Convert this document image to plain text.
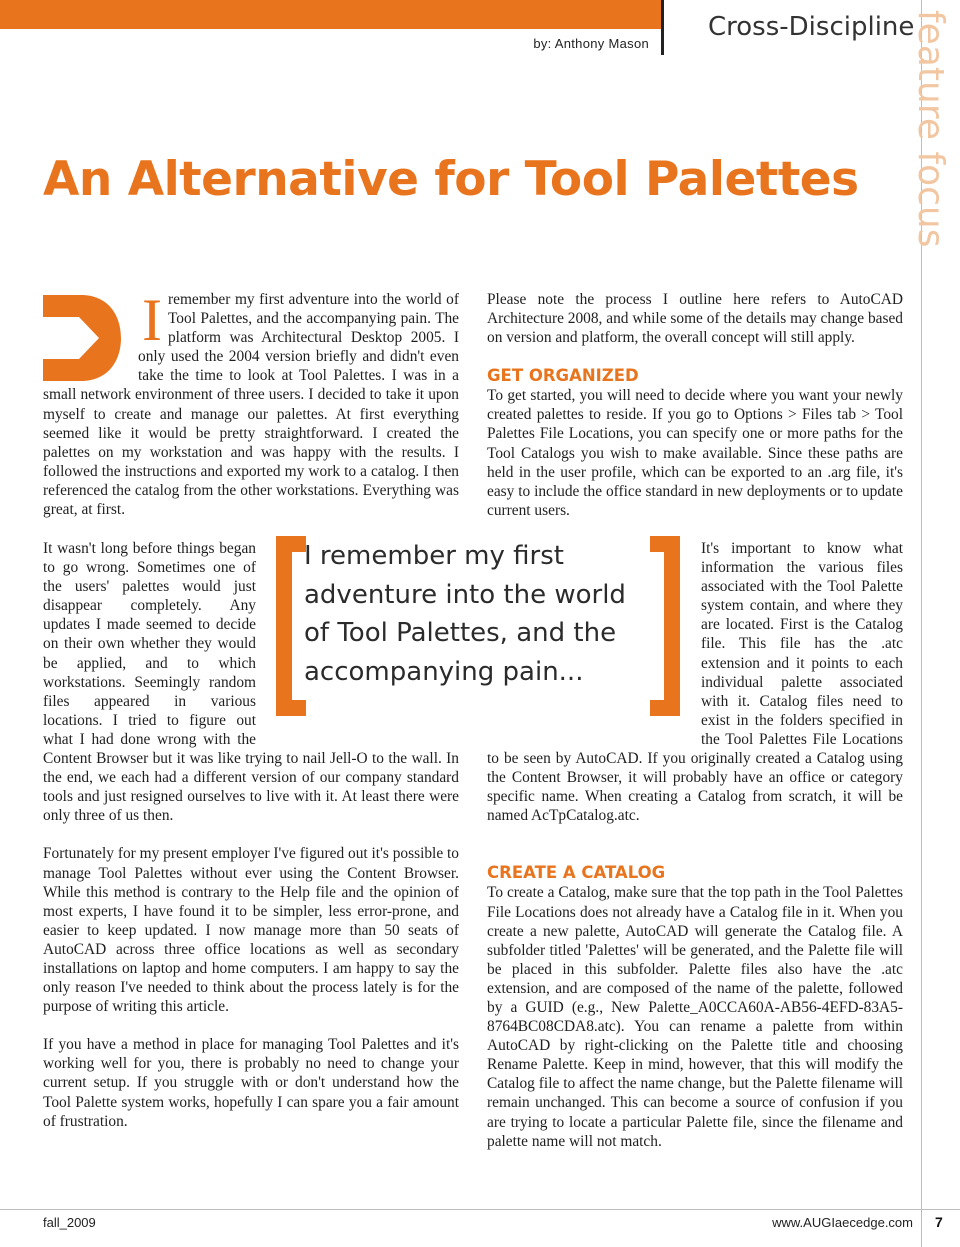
by: Anthony Mason
Cross-Discipline
feature focus
An Alternative for Tool Palettes
I remember my first adventure into the world of Tool Palettes, and the accompanying pain. The platform was Architectural Desktop 2005. I only used the 2004 version briefly and didn't even take the time to look at Tool Palettes. I was in a small network environment of three users. I decided to take it upon myself to create and manage our palettes. At first everything seemed like it would be pretty straightforward. I created the palettes on my workstation and was happy with the results. I followed the instructions and exported my work to a catalog. I then referenced the catalog from the other workstations. Everything was great, at first.

Please note the process I outline here refers to AutoCAD Architecture 2008, and while some of the details may change based on version and platform, the overall concept will still apply.

GET ORGANIZED

To get started, you will need to decide where you want your newly created palettes to reside. If you go to Options > Files tab > Tool Palettes File Locations, you can specify one or more paths for the Tool Catalogs you wish to make available. Since these paths are held in the user profile, which can be exported to an .arg file, it's easy to include the office standard in new deployments or to update current users.

It wasn't long before things began to go wrong. Sometimes one of the users' palettes would just disappear completely. Any updates I made seemed to decide on their own whether they would be applied, and to which workstations. Seemingly random files appeared in various locations. I tried to figure out what I had done wrong with the Content Browser but it was like trying to nail Jell-O to the wall. In the end, we each had a different version of our company standard tools and just resigned ourselves to live with it. At least there were only three of us then.

Fortunately for my present employer I've figured out it's possible to manage Tool Palettes without ever using the Content Browser. While this method is contrary to the Help file and the opinion of most experts, I have found it to be simpler, less error-prone, and easier to keep updated. I now manage more than 50 seats of AutoCAD across three office locations as well as secondary installations on laptop and home computers. I am happy to say the only reason I've needed to think about the process lately is for the purpose of writing this article.

If you have a method in place for managing Tool Palettes and it's working well for you, there is probably no need to change your current setup. If you struggle with or don't understand how the Tool Palette system works, hopefully I can spare you a fair amount of frustration.

It's important to know what information the various files associated with the Tool Palette system contain, and where they are located. First is the Catalog file. This file has the .atc extension and it points to each individual palette associated with it. Catalog files need to exist in the folders specified in the Tool Palettes File Locations to be seen by AutoCAD. If you originally created a Catalog using the Content Browser, it will probably have an office or category specific name. When creating a Catalog from scratch, it will be named AcTpCatalog.atc.

CREATE A CATALOG

To create a Catalog, make sure that the top path in the Tool Palettes File Locations does not already have a Catalog file in it. When you create a new palette, AutoCAD will generate the Catalog file. A subfolder titled 'Palettes' will be generated, and the Palette file will be placed in this subfolder. Palette files also have the .atc extension, and are composed of the name of the palette, followed by a GUID (e.g., New Palette_A0CCA60A-AB56-4EFD-83A5-8764BC08CDA8.atc). You can rename a palette from within AutoCAD by right-clicking on the Palette title and choosing Rename Palette. Keep in mind, however, that this will modify the Catalog file to affect the name change, but the Palette filename will remain unchanged. This can become a source of confusion if you are trying to locate a particular Palette file, since the filename and palette name will not match.

I remember my first adventure into the world of Tool Palettes, and the accompanying pain...
fall_2009	www.AUGIaecedge.com 7
